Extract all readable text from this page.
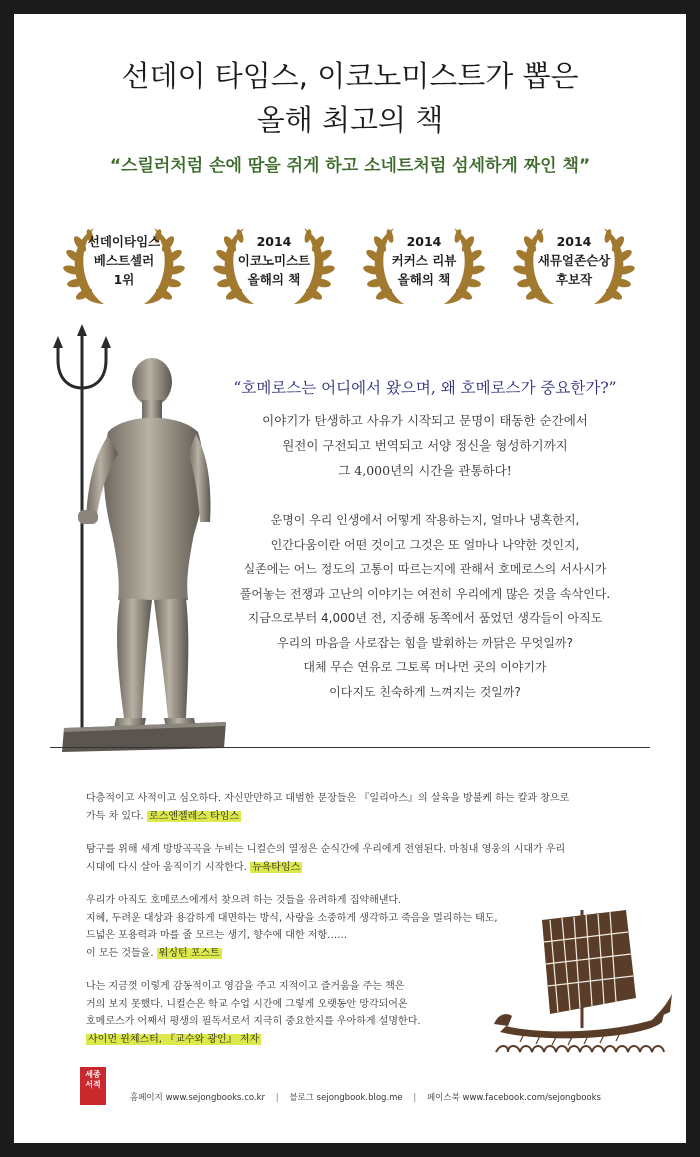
선데이 타임스, 이코노미스트가 뽑은
올해 최고의 책
“스릴러처럼 손에 땀을 쥐게 하고 소네트처럼 섬세하게 짜인 책”
선데이타임스
베스트셀러
1위
2014
이코노미스트
올해의 책
2014
커커스 리뷰
올해의 책
2014
새뮤얼존슨상
후보작

“호메로스는 어디에서 왔으며, 왜 호메로스가 중요한가?”

이야기가 탄생하고 사유가 시작되고 문명이 태동한 순간에서
원전이 구전되고 번역되고 서양 정신을 형성하기까지
그 4,000년의 시간을 관통하다!

운명이 우리 인생에서 어떻게 작용하는지, 얼마나 냉혹한지,
인간다움이란 어떤 것이고 그것은 또 얼마나 나약한 것인지,
실존에는 어느 정도의 고통이 따르는지에 관해서 호메로스의 서사시가
풀어놓는 전쟁과 고난의 이야기는 여전히 우리에게 많은 것을 속삭인다.
지금으로부터 4,000년 전, 지중해 동쪽에서 품었던 생각들이 아직도
우리의 마음을 사로잡는 힘을 발휘하는 까닭은 무엇일까?
대체 무슨 연유로 그토록 머나먼 곳의 이야기가
이다지도 친숙하게 느껴지는 것일까?

다층적이고 사적이고 심오하다. 자신만만하고 대범한 문장들은 『일리아스』의 살육을 방불케 하는 칼과 창으로
가득 차 있다. 로스앤젤레스 타임스

탐구를 위해 세계 방방곡곡을 누비는 니컬슨의 열정은 순식간에 우리에게 전염된다. 마침내 영웅의 시대가 우리
시대에 다시 살아 움직이기 시작한다. 뉴욕타임스

우리가 아직도 호메로스에게서 찾으려 하는 것들을 유려하게 집약해낸다.
지혜, 두려운 대상과 용감하게 대면하는 방식, 사랑을 소중하게 생각하고 죽음을 멀리하는 태도,
드넓은 포용력과 마를 줄 모르는 생기, 향수에 대한 저항……
이 모든 것들을. 워싱턴 포스트

나는 지금껏 이렇게 감동적이고 영감을 주고 지적이고 즐거움을 주는 책은
거의 보지 못했다. 니컬슨은 학교 수업 시간에 그렇게 오랫동안 망각되어온
호메로스가 어째서 평생의 필독서로서 지극히 중요한지를 우아하게 설명한다.
사이먼 윈체스터, 『교수와 광인』 저자

세종
서적
홈페이지 www.sejongbooks.co.kr | 블로그 sejongbook.blog.me | 페이스북 www.facebook.com/sejongbooks
